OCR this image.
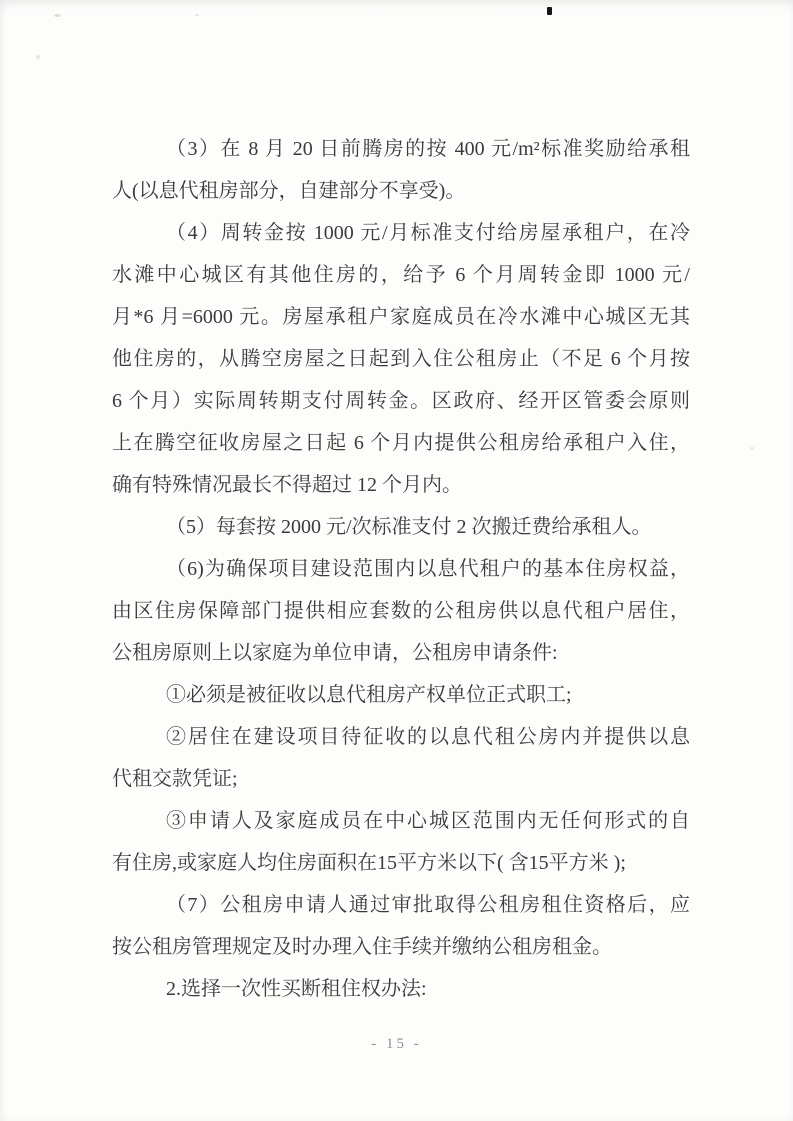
（3）在 8 月 20 日前腾房的按 400 元/m²标准奖励给承租
人(以息代租房部分，自建部分不享受)。
（4）周转金按 1000 元/月标准支付给房屋承租户，在冷
水滩中心城区有其他住房的，给予 6 个月周转金即 1000 元/
月*6 月=6000 元。房屋承租户家庭成员在冷水滩中心城区无其
他住房的，从腾空房屋之日起到入住公租房止（不足 6 个月按
6 个月）实际周转期支付周转金。区政府、经开区管委会原则
上在腾空征收房屋之日起 6 个月内提供公租房给承租户入住，
确有特殊情况最长不得超过 12 个月内。
（5）每套按 2000 元/次标准支付 2 次搬迁费给承租人。
（6)为确保项目建设范围内以息代租户的基本住房权益，
由区住房保障部门提供相应套数的公租房供以息代租户居住，
公租房原则上以家庭为单位申请，公租房申请条件:
①必须是被征收以息代租房产权单位正式职工;
②居住在建设项目待征收的以息代租公房内并提供以息
代租交款凭证;
③申请人及家庭成员在中心城区范围内无任何形式的自
有住房,或家庭人均住房面积在15平方米以下( 含15平方米 );
（7）公租房申请人通过审批取得公租房租住资格后，应
按公租房管理规定及时办理入住手续并缴纳公租房租金。
2.选择一次性买断租住权办法:
- 15 -
